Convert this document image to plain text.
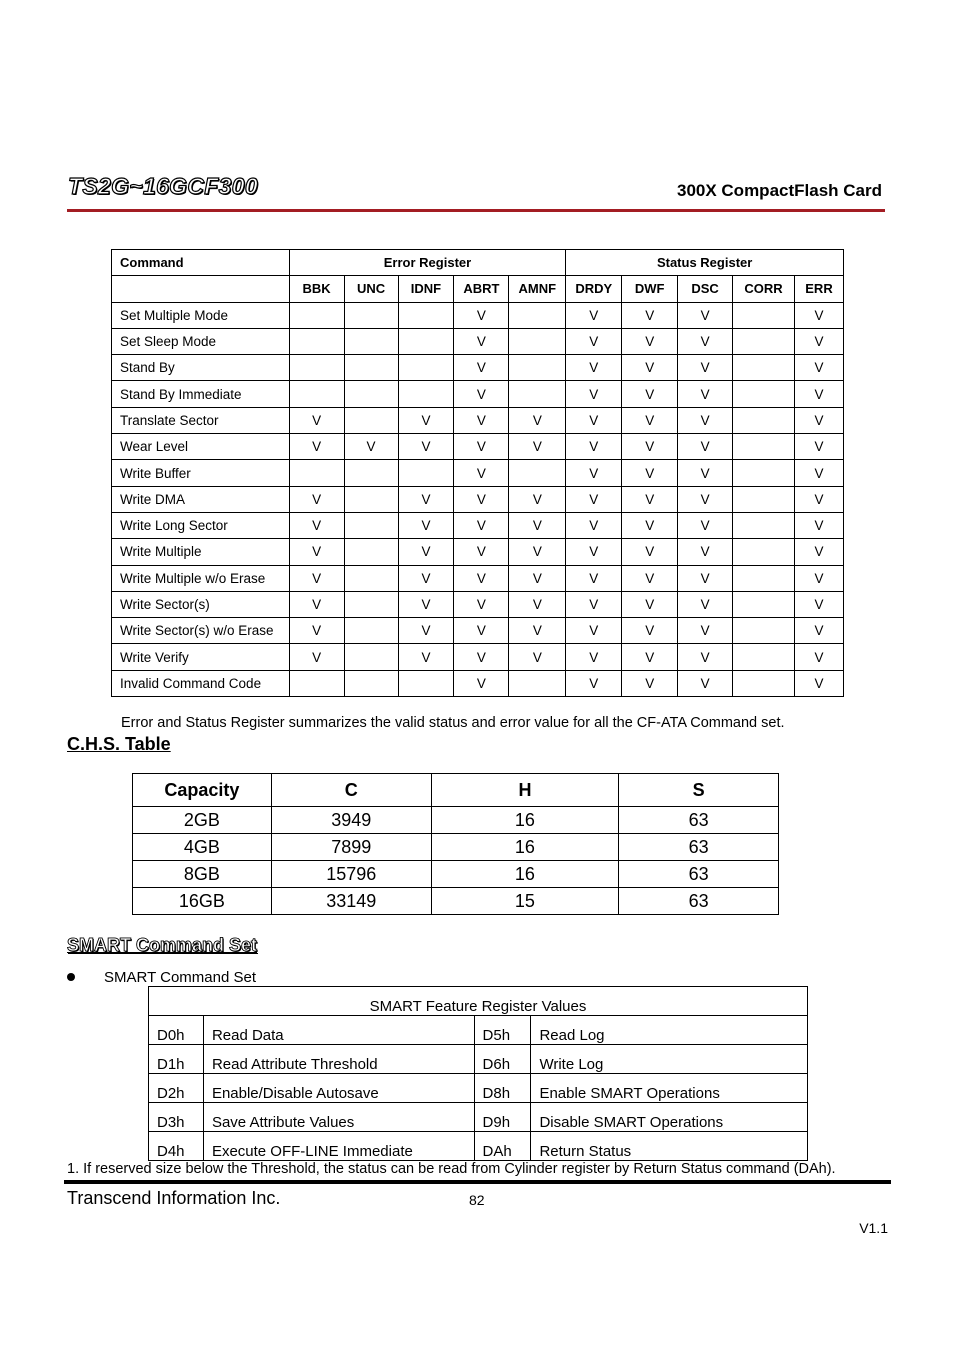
TS2G~16GCF300	300X CompactFlash Card
Command	Error Register					Status Register				
	BBK	UNC	IDNF	ABRT	AMNF	DRDY	DWF	DSC	CORR	ERR
Set Multiple Mode				V		V	V	V		V
Set Sleep Mode				V		V	V	V		V
Stand By				V		V	V	V		V
Stand By Immediate				V		V	V	V		V
Translate Sector	V		V	V	V	V	V	V		V
Wear Level	V	V	V	V	V	V	V	V		V
Write Buffer				V		V	V	V		V
Write DMA	V		V	V	V	V	V	V		V
Write Long Sector	V		V	V	V	V	V	V		V
Write Multiple	V		V	V	V	V	V	V		V
Write Multiple w/o Erase	V		V	V	V	V	V	V		V
Write Sector(s)	V		V	V	V	V	V	V		V
Write Sector(s) w/o Erase	V		V	V	V	V	V	V		V
Write Verify	V		V	V	V	V	V	V		V
Invalid Command Code				V		V	V	V		V
Error and Status Register summarizes the valid status and error value for all the CF-ATA Command set.
C.H.S. Table
Capacity	C	H	S
2GB	3949	16	63
4GB	7899	16	63
8GB	15796	16	63
16GB	33149	15	63
SMART Command Set
SMART Command Set
SMART Feature Register Values			
D0h	Read Data	D5h	Read Log
D1h	Read Attribute Threshold	D6h	Write Log
D2h	Enable/Disable Autosave	D8h	Enable SMART Operations
D3h	Save Attribute Values	D9h	Disable SMART Operations
D4h	Execute OFF-LINE Immediate	DAh	Return Status
1. If reserved size below the Threshold, the status can be read from Cylinder register by Return Status command (DAh).
Transcend Information Inc.	82
V1.1
